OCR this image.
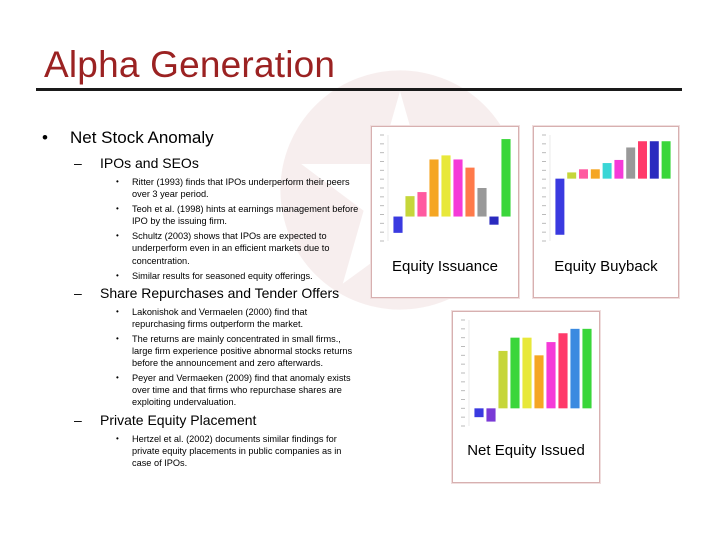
Alpha Generation
• Net Stock Anomaly
– IPOs and SEOs
• Ritter (1993) finds that IPOs underperform their peers over 3 year period.
• Teoh et al. (1998) hints at earnings management before IPO by the issuing firm.
• Schultz (2003) shows that IPOs are expected to underperform even in an efficient markets due to concentration.
• Similar results for seasoned equity offerings.
– Share Repurchases and Tender Offers
• Lakonishok and Vermaelen (2000) find that repurchasing firms outperform the market.
• The returns are mainly concentrated in small firms., large firm experience positive abnormal stocks returns before the announcement and zero afterwards.
• Peyer and Vermaeken (2009) find that anomaly exists over time and that firms who repurchase shares are exploiting undervaluation.
– Private Equity Placement
• Hertzel et al. (2002) documents similar findings for private equity placements in public companies as in case of IPOs.
Equity Issuance	Equity Buyback
Net Equity Issued
